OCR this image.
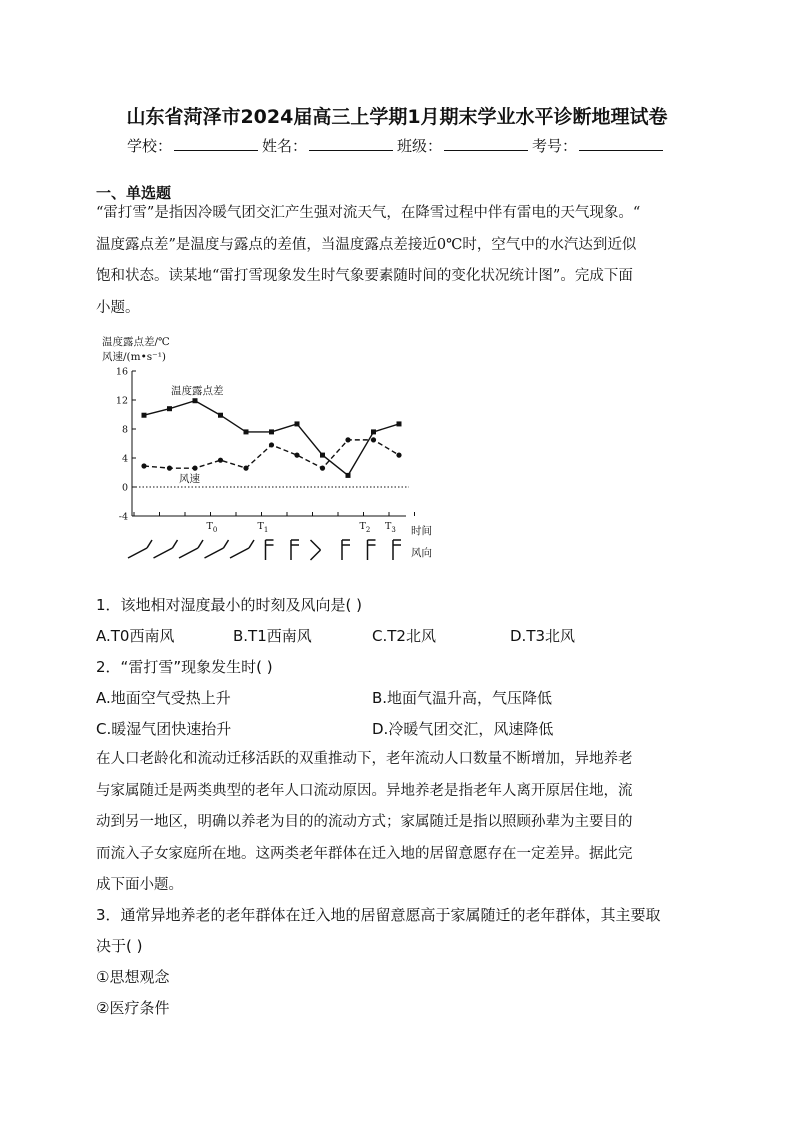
山东省菏泽市2024届高三上学期1月期末学业水平诊断地理试卷
学校：	姓名：	班级：	考号：
一、单选题
“雷打雪”是指因冷暖气团交汇产生强对流天气，在降雪过程中伴有雷电的天气现象。“
温度露点差”是温度与露点的差值，当温度露点差接近0℃时，空气中的水汽达到近似
饱和状态。读某地“雷打雪现象发生时气象要素随时间的变化状况统计图”。完成下面
小题。
温度露点差/℃
风速/(m•s⁻¹)
16
12
8
4
0
-4
$T_0$	$T_1$	$T_2$ $T_3$
温度露点差
风速
时间
风向
1．该地相对湿度最小的时刻及风向是( )
A.T0西南风	B.T1西南风	C.T2北风	D.T3北风
2．“雷打雪”现象发生时( )
A.地面空气受热上升	B.地面气温升高，气压降低
C.暖湿气团快速抬升	D.冷暖气团交汇，风速降低
在人口老龄化和流动迁移活跃的双重推动下，老年流动人口数量不断增加，异地养老
与家属随迁是两类典型的老年人口流动原因。异地养老是指老年人离开原居住地，流
动到另一地区，明确以养老为目的的流动方式；家属随迁是指以照顾孙辈为主要目的
而流入子女家庭所在地。这两类老年群体在迁入地的居留意愿存在一定差异。据此完
成下面小题。
3．通常异地养老的老年群体在迁入地的居留意愿高于家属随迁的老年群体，其主要取
决于( )
①思想观念
②医疗条件
